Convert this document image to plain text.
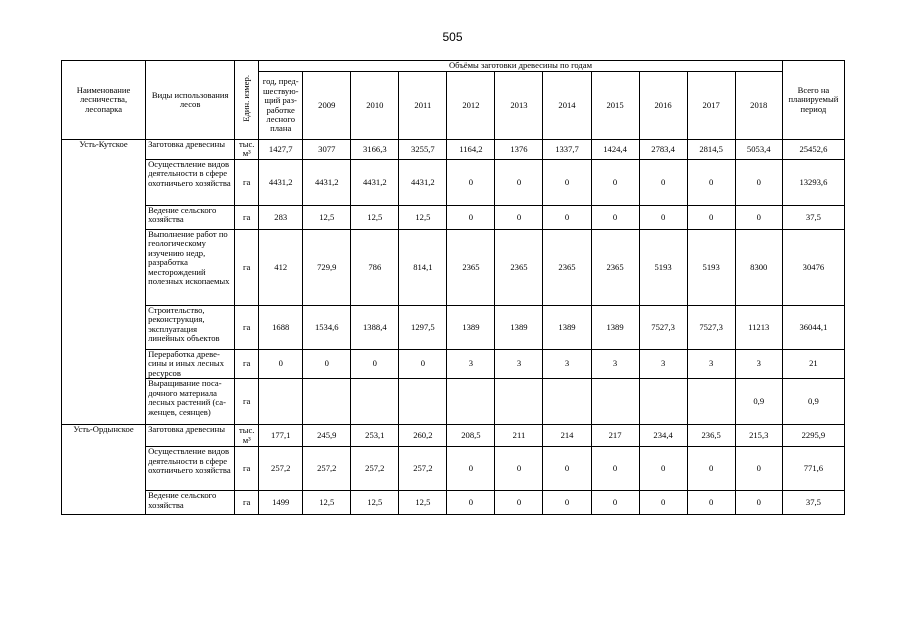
505
Наименование лесничества, лесопарка	Виды использования лесов	Един. измер.	Объёмы заготовки древесины по годам											Всего на планируемый период
			год, пред-шествую-щий раз-работке лесного плана	2009	2010	2011	2012	2013	2014	2015	2016	2017	2018	
Усть-Кутское	Заготовка древесины	тыс. м³	1427,7	3077	3166,3	3255,7	1164,2	1376	1337,7	1424,4	2783,4	2814,5	5053,4	25452,6
	Осуществление видов деятельности в сфере охотничьего хозяйства	га	4431,2	4431,2	4431,2	4431,2	0	0	0	0	0	0	0	13293,6
	Ведение сельского хозяйства	га	283	12,5	12,5	12,5	0	0	0	0	0	0	0	37,5
	Выполнение работ по геологическому изучению недр, разработка месторождений полезных ископаемых	га	412	729,9	786	814,1	2365	2365	2365	2365	5193	5193	8300	30476
	Строительство, реконструкция, эксплуатация линейных объектов	га	1688	1534,6	1388,4	1297,5	1389	1389	1389	1389	7527,3	7527,3	11213	36044,1
	Переработка древе-сины и иных лесных ресурсов	га	0	0	0	0	3	3	3	3	3	3	3	21
	Выращивание поса-дочного материала лесных растений (са-женцев, сеянцев)	га											0,9	0,9
Усть-Ордынское	Заготовка древесины	тыс. м³	177,1	245,9	253,1	260,2	208,5	211	214	217	234,4	236,5	215,3	2295,9
	Осуществление видов деятельности в сфере охотничьего хозяйства	га	257,2	257,2	257,2	257,2	0	0	0	0	0	0	0	771,6
	Ведение сельского хозяйства	га	1499	12,5	12,5	12,5	0	0	0	0	0	0	0	37,5
